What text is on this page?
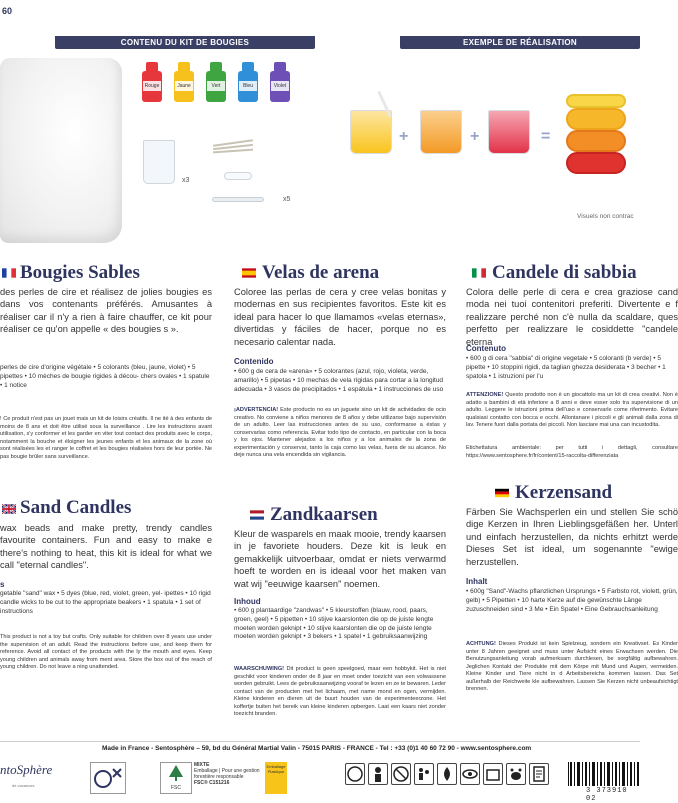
60
CONTENU DU KIT DE BOUGIES	EXEMPLE DE RÉALISATION
Rouge	Jaune	Vert	Bleu	Violet
x3
x5
+	+	=
Visuels non contrac
Bougies Sables
des perles de cire et réalisez de jolies bougies es dans vos contenants préférés. Amusantes à réaliser car il n'y a rien à faire chauffer, ce kit pour réaliser ce qu'on appelle « des bougies s ».
perles de cire d'origine végétale • 5 colorants (bleu, jaune, violet) • 5 pipettes • 10 mèches de bougie rigides à décou- chers ovales • 1 spatule • 1 notice
! Ce produit n'est pas un jouet mais un kit de loisirs créatifs. Il ne ité à des enfants de moins de 8 ans et doit être utilisé sous la surveillance . Lire les instructions avant utilisation, s'y conformer et les garder en viter tout contact des produits avec le corps, notamment la bouche et éloigner les jeunes enfants et les animaux de la zone où sont réalisées les et ranger le coffret et les bougies réalisées hors de leur portée. Ne pas bougie brûler sans surveillance.
Velas de arena
Coloree las perlas de cera y cree velas bonitas y modernas en sus recipientes favoritos. Este kit es ideal para hacer lo que llamamos «velas eternas», divertidas y fáciles de hacer, porque no es necesario calentar nada.
Contenido
• 600 g de cera de «arena» • 5 colorantes (azul, rojo, violeta, verde, amarillo) • 5 pipetas • 10 mechas de vela rígidas para cortar a la longitud adecuada • 3 vasos de precipitados • 1 espátula • 1 instrucciones de uso
¡ADVERTENCIA! Este producto no es un juguete sino un kit de actividades de ocio creativo. No conviene a niños menores de 8 años y debe utilizarse bajo supervisión de un adulto. Leer las instrucciones antes de su uso, conformarse a éstas y conservarlas como referencia. Evitar todo tipo de contacto, en particular con la boca y los ojos. Mantener alejados a los niños y a los animales de la zona de experimentación y conservar, tanto la caja como las velas, fuera de su alcance. No deje nunca una vela encendida sin vigilancia.
Candele di sabbia
Colora delle perle di cera e crea graziose cand moda nei tuoi contenitori preferiti. Divertente e f realizzare perché non c'è nulla da scaldare, ques perfetto per realizzare le cosiddette "candele eterna
Contenuto
• 600 g di cera "sabbia" di origine vegetale • 5 coloranti (b verde) • 5 pipette • 10 stoppini rigidi, da taglian ghezza desiderata • 3 becher • 1 spatola • 1 istruzioni per l'u
ATTENZIONE! Questo prodotto non è un giocattolo ma un kit di crea creativi. Non è adatto a bambini di età inferiore a 8 anni e deve esser solo tra supervisione di un adulto. Leggere le istruzioni prima dell'uso e conservarle come riferimento. Evitare qualsiasi contatto con bocca e occhi. Allontanare i piccoli e gli animali dalla zona di lav. Tenere fuori dalla portata dei piccoli. Non lasciare mai una can incustodita.
Etichettatura ambientale: per tutti i dettagli, consultare https://www.sentosphere.fr/fr/content/15-raccolta-differenziata
Sand Candles
wax beads and make pretty, trendy candles favourite containers. Fun and easy to make e there's nothing to heat, this kit is ideal for what we call "eternal candles".
s
getable "sand" wax • 5 dyes (blue, red, violet, green, yel- ipettes • 10 rigid candle wicks to be cut to the appropriate beakers • 1 spatula • 1 set of instructions
This product is not a toy but crafts. Only suitable for children over 8 years use under the supervision of an adult. Read the instructions before use, and keep them for reference. Avoid all contact of the products with the ly the mouth and eyes. Keep young children and animals away from ment area. Store the box out of the reach of young children. Do not leave a ning unattended.
Zandkaarsen
Kleur de wasparels en maak mooie, trendy kaarsen in je favoriete houders. Deze kit is leuk en gemakkelijk uitvoerbaar, omdat er niets verwarmd hoeft te worden en is ideaal voor het maken van wat wij "eeuwige kaarsen" noemen.
Inhoud
• 600 g plantaardige "zandwas" • 5 kleurstoffen (blauw, rood, paars, groen, geel) • 5 pipetten • 10 stijve kaarslonten die op de juiste lengte moeten worden geknipt • 10 stijve kaarslonten die op de juiste lengte moeten worden geknipt • 3 bekers • 1 spatel • 1 gebruiksaanwijzing
WAARSCHUWING! Dit product is geen speelgoed, maar een hobbykit. Het is niet geschikt voor kinderen onder de 8 jaar en moet onder toezicht van een volwassene worden gebruikt. Lees de gebruiksaanwijzing vooraf te lezen en ze te bewaren. Leder contact van de producten met het lichaam, met name mond en ogen, vermijden. Kleine kinderen en dieren uit de buurt houden van de experimenteerzone. Het koffertje buiten het bereik van kleine kinderen opbergen. Laat een kaars niet zonder toezicht branden.
Kerzensand
Färben Sie Wachsperlen ein und stellen Sie schö dige Kerzen in Ihren Lieblingsgefäßen her. Unterl und einfach herzustellen, da nichts erhitzt werde Dieses Set ist ideal, um sogenannte "ewige herzustellen.
Inhalt
• 600g "Sand"-Wachs pflanzlichen Ursprungs • 5 Farbsto rot, violett, grün, gelb) • 5 Pipetten • 10 harte Kerze auf die gewünschte Länge zuzuschneiden sind • 3 Me • Ein Spatel • Eine Gebrauchsanleitung
ACHTUNG! Dieses Produkt ist kein Spielzeug, sondern ein Kreativset. Es Kinder unter 8 Jahren geeignet und muss unter Aufsicht eines Erwachsen werden. Die Benutzungsanleitung vorab aufmerksam durchlesen, be sorgfältig aufbewahren. Jeglichen Kontakt der Produkte mit dem Körpe mit Mund und Augen, vermeiden. Kleine Kinder und Tiere nicht in d Arbeitsbereichs kommen lassen. Das Set außerhalb der Reichweite kle aufbewahren. Lassen Sie Kerzen nicht unbeaufsichtigt brennen.
Made in France - Sentosphère – 59, bd du Général Martial Valin - 75015 PARIS - FRANCE - Tel : +33 (0)1 40 60 72 90 - www.sentosphere.com
ntoSphère
de vacances	FSC
MIXTE
Emballage | Pour une gestion forestière responsable
FSC® C151216
Emballage Plastique
3 373910 02
